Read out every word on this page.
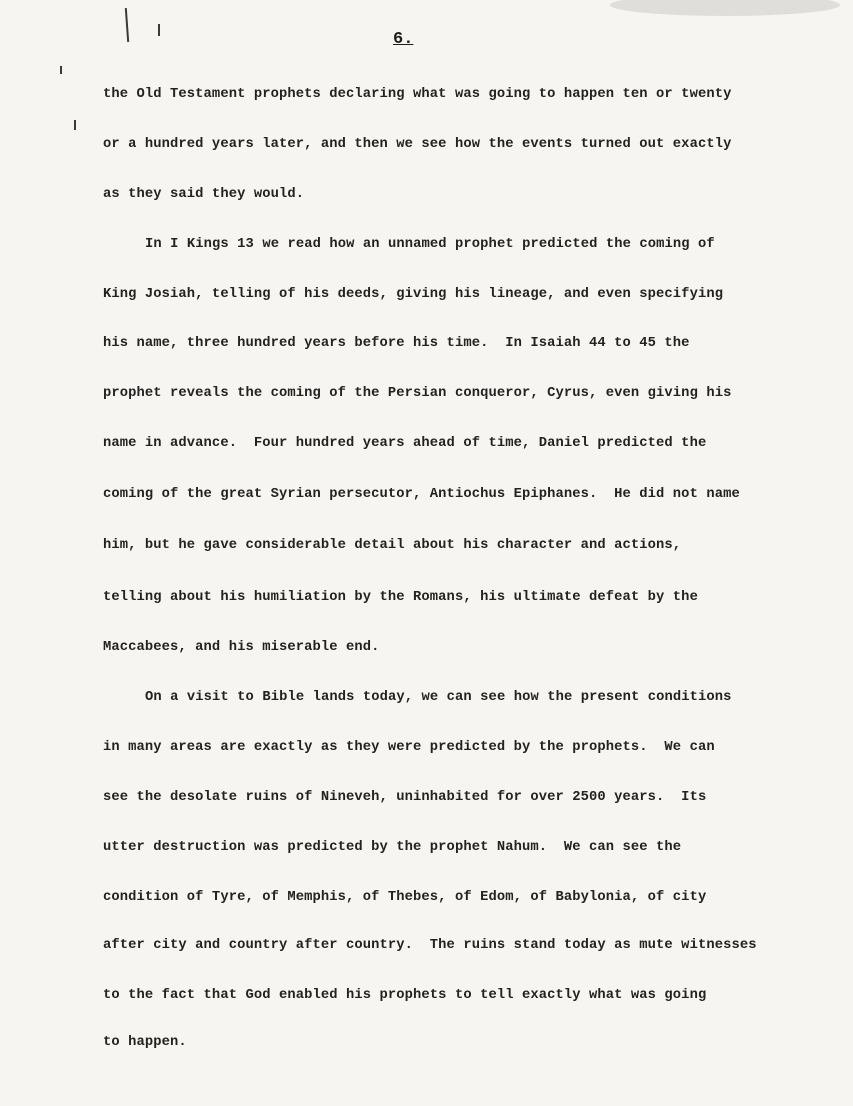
6.
the Old Testament prophets declaring what was going to happen ten or twenty
or a hundred years later, and then we see how the events turned out exactly
as they said they would.
In I Kings 13 we read how an unnamed prophet predicted the coming of
King Josiah, telling of his deeds, giving his lineage, and even specifying
his name, three hundred years before his time.  In Isaiah 44 to 45 the
prophet reveals the coming of the Persian conqueror, Cyrus, even giving his
name in advance.  Four hundred years ahead of time, Daniel predicted the
coming of the great Syrian persecutor, Antiochus Epiphanes.  He did not name
him, but he gave considerable detail about his character and actions,
telling about his humiliation by the Romans, his ultimate defeat by the
Maccabees, and his miserable end.
On a visit to Bible lands today, we can see how the present conditions
in many areas are exactly as they were predicted by the prophets.  We can
see the desolate ruins of Nineveh, uninhabited for over 2500 years.  Its
utter destruction was predicted by the prophet Nahum.  We can see the
condition of Tyre, of Memphis, of Thebes, of Edom, of Babylonia, of city
after city and country after country.  The ruins stand today as mute witnesses
to the fact that God enabled his prophets to tell exactly what was going
to happen.
